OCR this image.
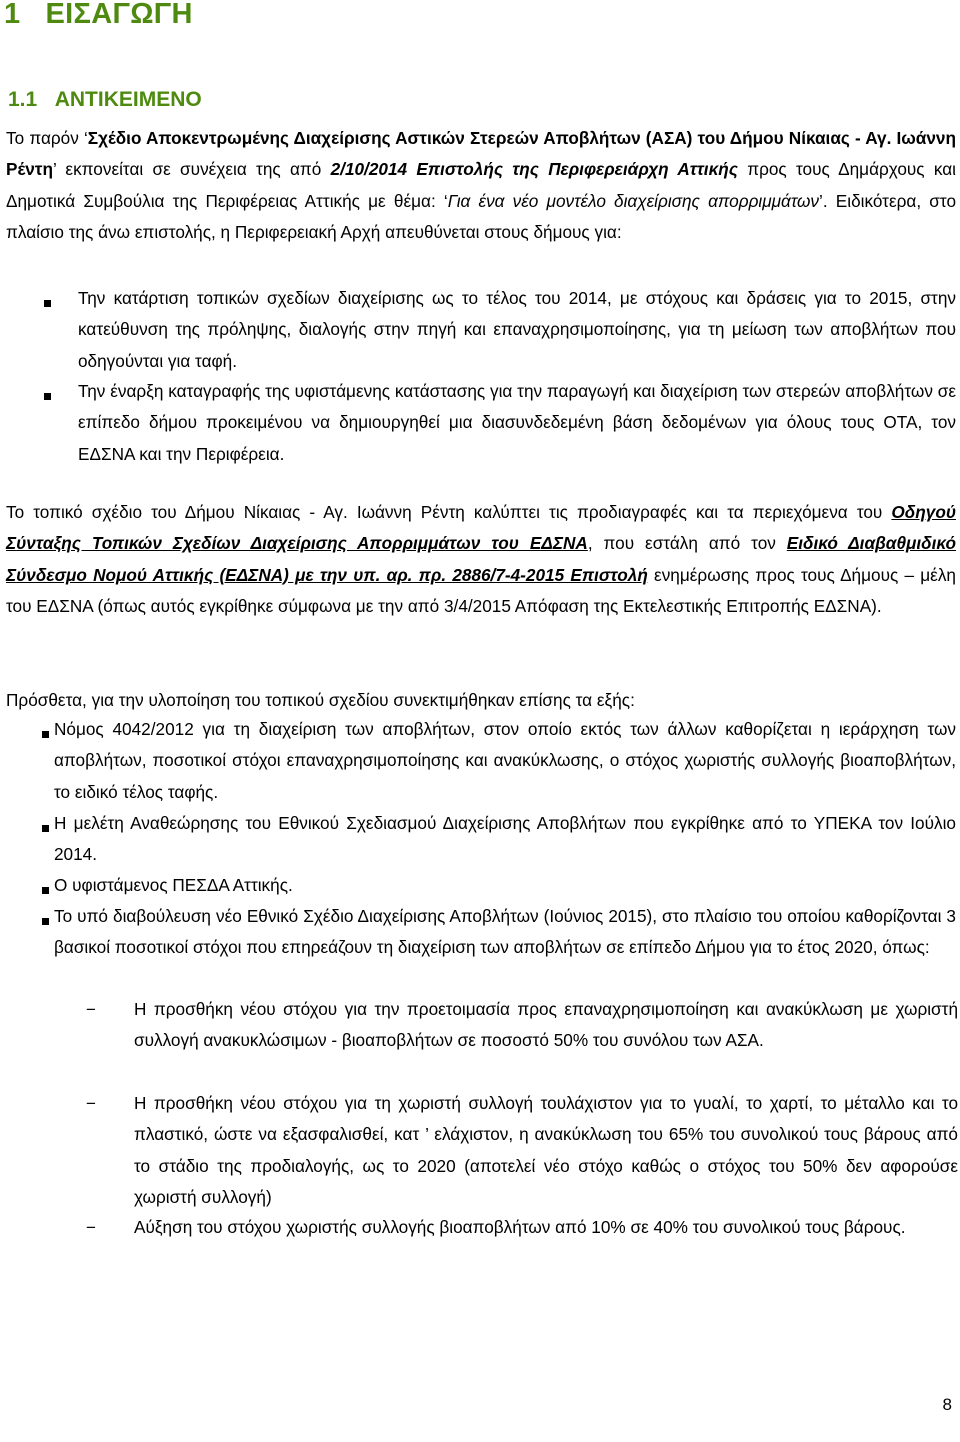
1 ΕΙΣΑΓΩΓΗ
1.1 ΑΝΤΙΚΕΙΜΕΝΟ
Το παρόν ‘Σχέδιο Αποκεντρωμένης Διαχείρισης Αστικών Στερεών Αποβλήτων (ΑΣΑ) του Δήμου Νίκαιας - Αγ. Ιωάννη Ρέντη’ εκπονείται σε συνέχεια της από 2/10/2014 Επιστολής της Περιφερειάρχη Αττικής προς τους Δημάρχους και Δημοτικά Συμβούλια της Περιφέρειας Αττικής με θέμα: ‘Για ένα νέο μοντέλο διαχείρισης απορριμμάτων’. Ειδικότερα, στο πλαίσιο της άνω επιστολής, η Περιφερειακή Αρχή απευθύνεται στους δήμους για:
Την κατάρτιση τοπικών σχεδίων διαχείρισης ως το τέλος του 2014, με στόχους και δράσεις για το 2015, στην κατεύθυνση της πρόληψης, διαλογής στην πηγή και επαναχρησιμοποίησης, για τη μείωση των αποβλήτων που οδηγούνται για ταφή.
Την έναρξη καταγραφής της υφιστάμενης κατάστασης για την παραγωγή και διαχείριση των στερεών αποβλήτων σε επίπεδο δήμου προκειμένου να δημιουργηθεί μια διασυνδεδεμένη βάση δεδομένων για όλους τους ΟΤΑ, τον ΕΔΣΝΑ και την Περιφέρεια.
Το τοπικό σχέδιο του Δήμου Νίκαιας - Αγ. Ιωάννη Ρέντη καλύπτει τις προδιαγραφές και τα περιεχόμενα του Οδηγού Σύνταξης Τοπικών Σχεδίων Διαχείρισης Απορριμμάτων του ΕΔΣΝΑ, που εστάλη από τον Ειδικό Διαβαθμιδικό Σύνδεσμο Νομού Αττικής (ΕΔΣΝΑ) με την υπ. αρ. πρ. 2886/7-4-2015 Επιστολή ενημέρωσης προς τους Δήμους – μέλη του ΕΔΣΝΑ (όπως αυτός εγκρίθηκε σύμφωνα με την από 3/4/2015 Απόφαση της Εκτελεστικής Επιτροπής ΕΔΣΝΑ).
Πρόσθετα, για την υλοποίηση του τοπικού σχεδίου συνεκτιμήθηκαν επίσης τα εξής:
Νόμος 4042/2012 για τη διαχείριση των αποβλήτων, στον οποίο εκτός των άλλων καθορίζεται η ιεράρχηση των αποβλήτων, ποσοτικοί στόχοι επαναχρησιμοποίησης και ανακύκλωσης, ο στόχος χωριστής συλλογής βιοαποβλήτων, το ειδικό τέλος ταφής.
Η μελέτη Αναθεώρησης του Εθνικού Σχεδιασμού Διαχείρισης Αποβλήτων που εγκρίθηκε από το ΥΠΕΚΑ τον Ιούλιο 2014.
Ο υφιστάμενος ΠΕΣΔΑ Αττικής.
Το υπό διαβούλευση νέο Εθνικό Σχέδιο Διαχείρισης Αποβλήτων (Ιούνιος 2015), στο πλαίσιο του οποίου καθορίζονται 3 βασικοί ποσοτικοί στόχοι που επηρεάζουν τη διαχείριση των αποβλήτων σε επίπεδο Δήμου για το έτος 2020, όπως:
− Η προσθήκη νέου στόχου για την προετοιμασία προς επαναχρησιμοποίηση και ανακύκλωση με χωριστή συλλογή ανακυκλώσιμων - βιοαποβλήτων σε ποσοστό 50% του συνόλου των ΑΣΑ.
− Η προσθήκη νέου στόχου για τη χωριστή συλλογή τουλάχιστον για το γυαλί, το χαρτί, το μέταλλο και το πλαστικό, ώστε να εξασφαλισθεί, κατ ’ ελάχιστον, η ανακύκλωση του 65% του συνολικού τους βάρους από το στάδιο της προδιαλογής, ως το 2020 (αποτελεί νέο στόχο καθώς ο στόχος του 50% δεν αφορούσε χωριστή συλλογή)
− Αύξηση του στόχου χωριστής συλλογής βιοαποβλήτων από 10% σε 40% του συνολικού τους βάρους.
8
